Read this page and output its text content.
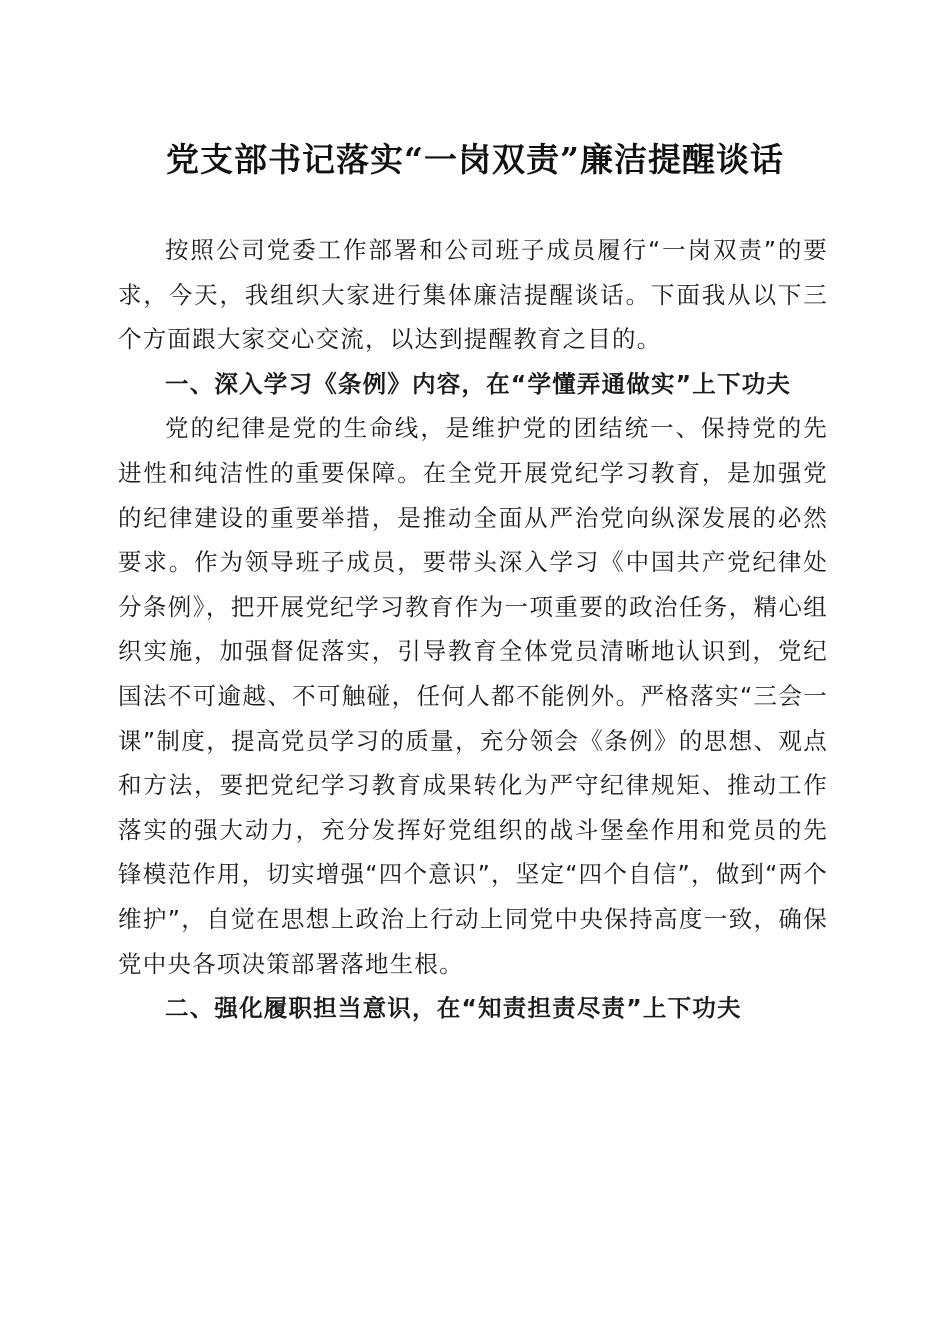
党支部书记落实“一岗双责”廉洁提醒谈话

按照公司党委工作部署和公司班子成员履行“一岗双责”的要求，今天，我组织大家进行集体廉洁提醒谈话。下面我从以下三个方面跟大家交心交流，以达到提醒教育之目的。

一、深入学习《条例》内容，在“学懂弄通做实”上下功夫

党的纪律是党的生命线，是维护党的团结统一、保持党的先进性和纯洁性的重要保障。在全党开展党纪学习教育，是加强党的纪律建设的重要举措，是推动全面从严治党向纵深发展的必然要求。作为领导班子成员，要带头深入学习《中国共产党纪律处分条例》，把开展党纪学习教育作为一项重要的政治任务，精心组织实施，加强督促落实，引导教育全体党员清晰地认识到，党纪国法不可逾越、不可触碰，任何人都不能例外。严格落实“三会一课”制度，提高党员学习的质量，充分领会《条例》的思想、观点和方法，要把党纪学习教育成果转化为严守纪律规矩、推动工作落实的强大动力，充分发挥好党组织的战斗堡垒作用和党员的先锋模范作用，切实增强“四个意识”，坚定“四个自信”，做到“两个维护”，自觉在思想上政治上行动上同党中央保持高度一致，确保党中央各项决策部署落地生根。

二、强化履职担当意识，在“知责担责尽责”上下功夫
